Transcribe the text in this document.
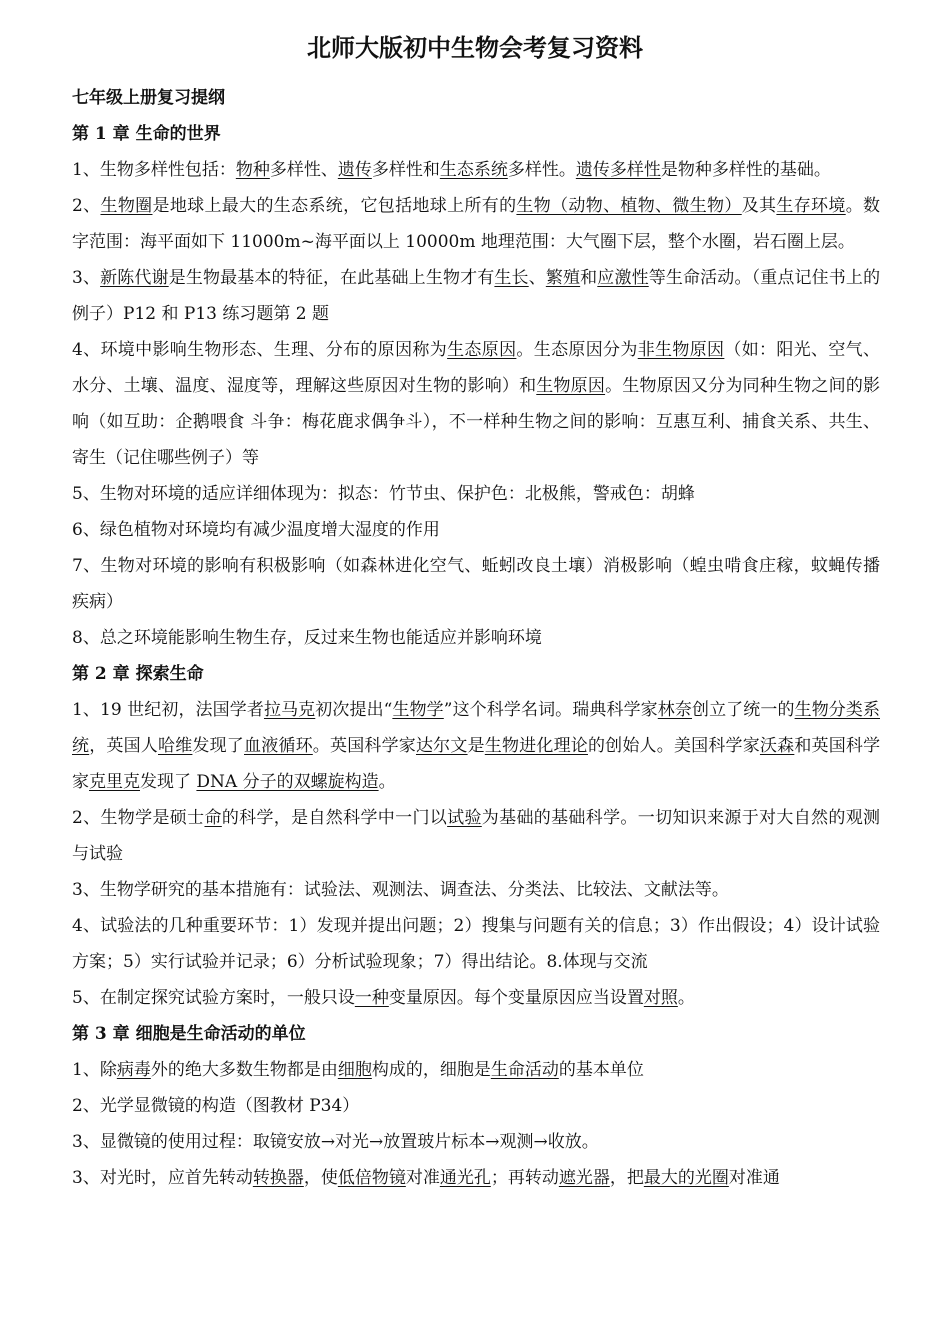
北师大版初中生物会考复习资料
七年级上册复习提纲
第 1 章 生命的世界

1、生物多样性包括：物种多样性、遗传多样性和生态系统多样性。遗传多样性是物种多样性的基础。

2、生物圈是地球上最大的生态系统，它包括地球上所有的生物（动物、植物、微生物）及其生存环境。数字范围：海平面如下 11000m~海平面以上 10000m 地理范围：大气圈下层，整个水圈，岩石圈上层。

3、新陈代谢是生物最基本的特征，在此基础上生物才有生长、繁殖和应激性等生命活动。（重点记住书上的例子）P12 和 P13 练习题第 2 题

4、环境中影响生物形态、生理、分布的原因称为生态原因。生态原因分为非生物原因（如：阳光、空气、水分、土壤、温度、湿度等，理解这些原因对生物的影响）和生物原因。生物原因又分为同种生物之间的影响（如互助：企鹅喂食 斗争：梅花鹿求偶争斗），不一样种生物之间的影响：互惠互利、捕食关系、共生、寄生（记住哪些例子）等

5、生物对环境的适应详细体现为：拟态：竹节虫、保护色：北极熊，警戒色：胡蜂

6、绿色植物对环境均有减少温度增大湿度的作用

7、生物对环境的影响有积极影响（如森林进化空气、蚯蚓改良土壤）消极影响（蝗虫啃食庄稼，蚊蝇传播疾病）

8、总之环境能影响生物生存，反过来生物也能适应并影响环境

第 2 章 探索生命

1、19 世纪初，法国学者拉马克初次提出“生物学”这个科学名词。瑞典科学家林奈创立了统一的生物分类系统，英国人哈维发现了血液循环。英国科学家达尔文是生物进化理论的创始人。美国科学家沃森和英国科学家克里克发现了 DNA 分子的双螺旋构造。

2、生物学是硕士命的科学，是自然科学中一门以试验为基础的基础科学。一切知识来源于对大自然的观测与试验

3、生物学研究的基本措施有：试验法、观测法、调查法、分类法、比较法、文献法等。

4、试验法的几种重要环节：1）发现并提出问题；2）搜集与问题有关的信息；3）作出假设；4）设计试验方案；5）实行试验并记录；6）分析试验现象；7）得出结论。8.体现与交流

5、在制定探究试验方案时，一般只设一种变量原因。每个变量原因应当设置对照。

第 3 章 细胞是生命活动的单位

1、除病毒外的绝大多数生物都是由细胞构成的，细胞是生命活动的基本单位

2、光学显微镜的构造（图教材 P34）

3、显微镜的使用过程：取镜安放→对光→放置玻片标本→观测→收放。

3、对光时，应首先转动转换器，使低倍物镜对准通光孔；再转动遮光器，把最大的光圈对准通
